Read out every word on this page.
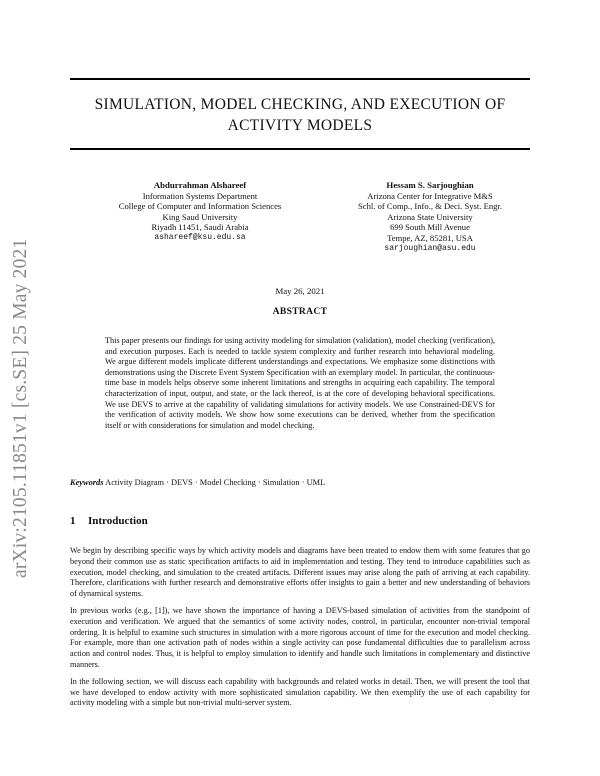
arXiv:2105.11851v1 [cs.SE] 25 May 2021
SIMULATION, MODEL CHECKING, AND EXECUTION OF
ACTIVITY MODELS
Abdurrahman Alshareef
Information Systems Department
College of Computer and Information Sciences
King Saud University
Riyadh 11451, Saudi Arabia
ashareef@ksu.edu.sa
Hessam S. Sarjoughian
Arizona Center for Integrative M&S
Schl. of Comp., Info., & Deci. Syst. Engr.
Arizona State University
699 South Mill Avenue
Tempe, AZ, 85281, USA
sarjoughian@asu.edu
May 26, 2021
ABSTRACT
This paper presents our findings for using activity modeling for simulation (validation), model checking (verification), and execution purposes. Each is needed to tackle system complexity and further research into behavioral modeling. We argue different models implicate different understandings and expectations. We emphasize some distinctions with demonstrations using the Discrete Event System Specification with an exemplary model. In particular, the continuous-time base in models helps observe some inherent limitations and strengths in acquiring each capability. The temporal characterization of input, output, and state, or the lack thereof, is at the core of developing behavioral specifications. We use DEVS to arrive at the capability of validating simulations for activity models. We use Constrained-DEVS for the verification of activity models. We show how some executions can be derived, whether from the specification itself or with considerations for simulation and model checking.
Keywords Activity Diagram · DEVS · Model Checking · Simulation · UML
1 Introduction

We begin by describing specific ways by which activity models and diagrams have been treated to endow them with some features that go beyond their common use as static specification artifacts to aid in implementation and testing. They tend to introduce capabilities such as execution, model checking, and simulation to the created artifacts. Different issues may arise along the path of arriving at each capability. Therefore, clarifications with further research and demonstrative efforts offer insights to gain a better and new understanding of behaviors of dynamical systems.

In previous works (e.g., [1]), we have shown the importance of having a DEVS-based simulation of activities from the standpoint of execution and verification. We argued that the semantics of some activity nodes, control, in particular, encounter non-trivial temporal ordering. It is helpful to examine such structures in simulation with a more rigorous account of time for the execution and model checking. For example, more than one activation path of nodes within a single activity can pose fundamental difficulties due to parallelism across action and control nodes. Thus, it is helpful to employ simulation to identify and handle such limitations in complementary and distinctive manners.

In the following section, we will discuss each capability with backgrounds and related works in detail. Then, we will present the tool that we have developed to endow activity with more sophisticated simulation capability. We then exemplify the use of each capability for activity modeling with a simple but non-trivial multi-server system.
